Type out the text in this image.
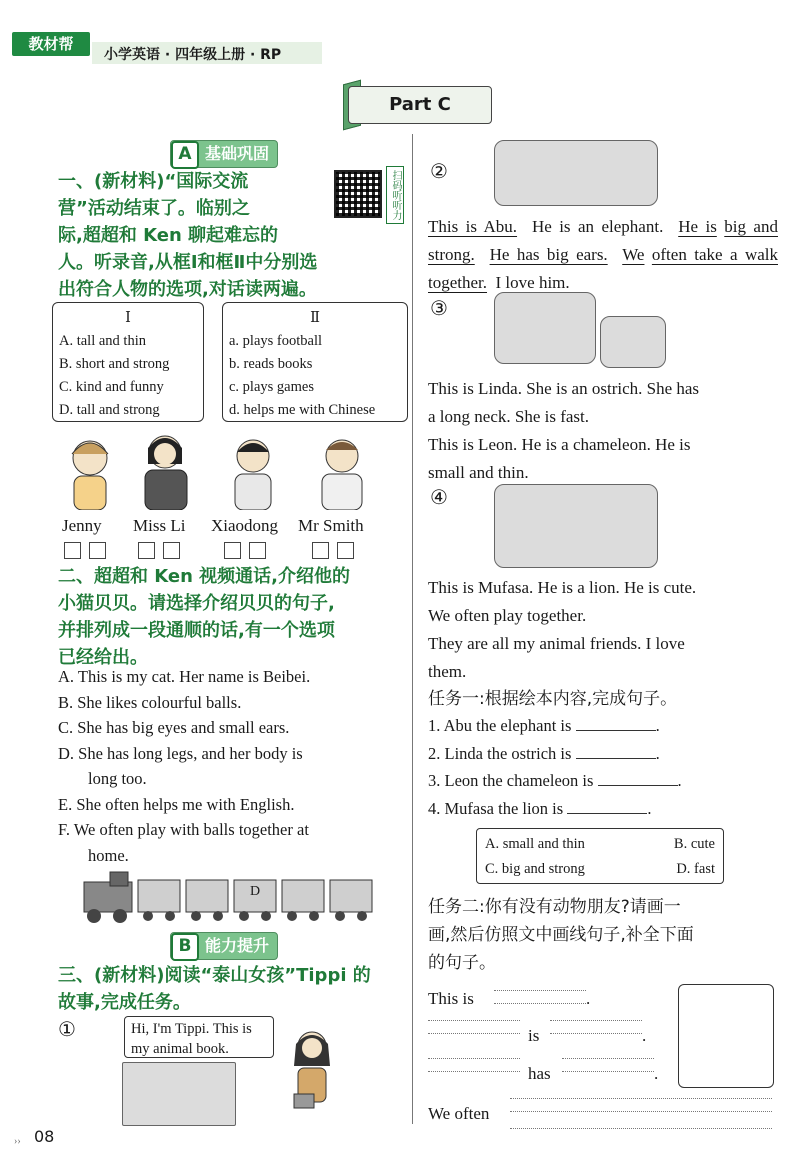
教材帮
小学英语 · 四年级上册 · RP
Part C
A 基础巩固
一、(新材料)“国际交流
营”活动结束了。临别之
际,超超和 Ken 聊起难忘的
人。听录音,从框Ⅰ和框Ⅱ中分别选
出符合人物的选项,对话读两遍。
扫码听听力
Ⅰ
A. tall and thin
B. short and strong
C. kind and funny
D. tall and strong
Ⅱ
a. plays football
b. reads books
c. plays games
d. helps me with Chinese
Jenny Miss Li Xiaodong Mr Smith
二、超超和 Ken 视频通话,介绍他的
小猫贝贝。请选择介绍贝贝的句子,
并排列成一段通顺的话,有一个选项
已经给出。
A. This is my cat. Her name is Beibei.
B. She likes colourful balls.
C. She has big eyes and small ears.
D. She has long legs, and her body is
long too.
E. She often helps me with English.
F. We often play with balls together at
home.
D
B 能力提升
三、(新材料)阅读“泰山女孩”Tippi 的
故事,完成任务。
①	Hi, I'm Tippi. This is
my animal book.
›› 08
②
This is Abu. He is an elephant. He is big and strong. He has big ears. We often take a walk together. I love him.
③
This is Linda. She is an ostrich. She has
a long neck. She is fast.
This is Leon. He is a chameleon. He is
small and thin.
④
This is Mufasa. He is a lion. He is cute.
We often play together.
They are all my animal friends. I love
them.
任务一:根据绘本内容,完成句子。
1. Abu the elephant is	.
2. Linda the ostrich is	.
3. Leon the chameleon is	.
4. Mufasa the lion is	.
A. small and thin	B. cute
C. big and strong	D. fast
任务二:你有没有动物朋友?请画一
画,然后仿照文中画线句子,补全下面
的句子。
This is	.
is	.
has	.
We often
